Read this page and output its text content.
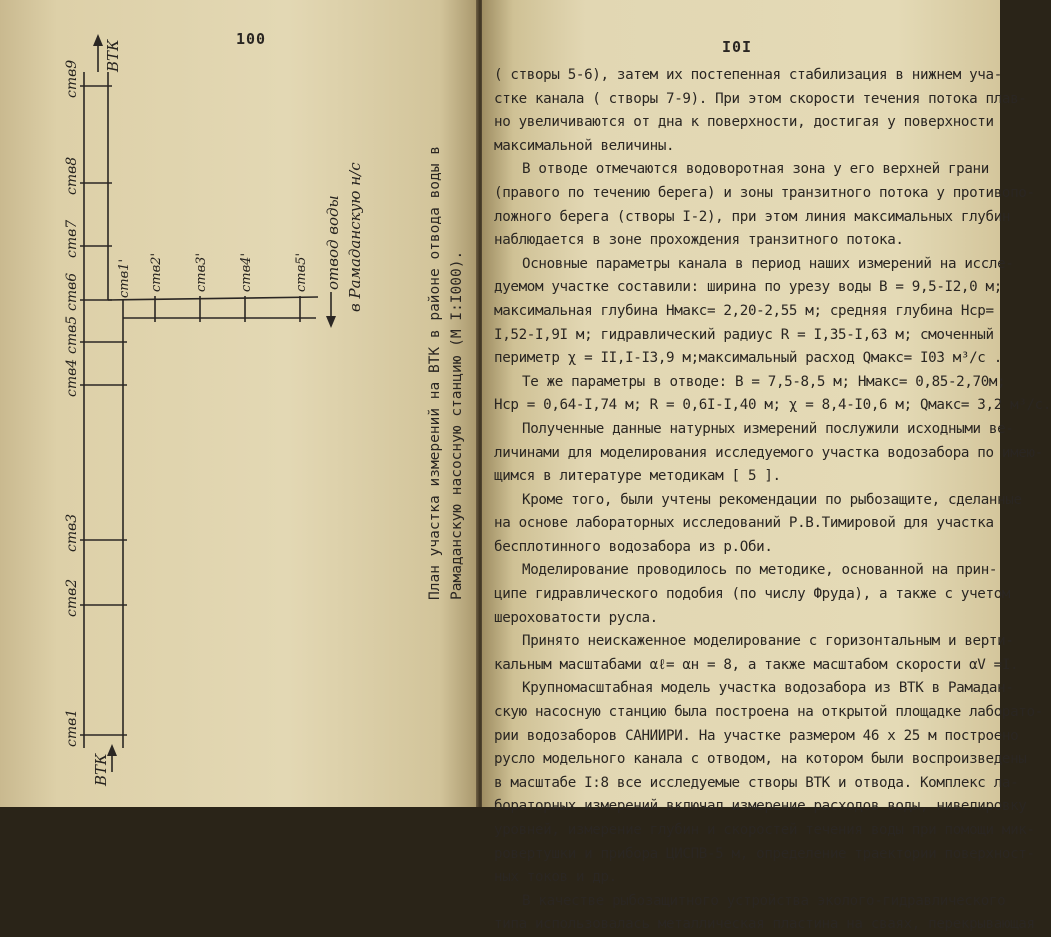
100
ВТК
ВТК
ств9
ств8
ств7
ств6
ств5
ств4
ств3
ств2
ств1
ств1' ств2' ств3' ств4'	ств5' отвод воды в Рамаданскую н/с	План участка измерений на ВТК в районе отвода воды в Рамаданскую насосную станцию (М I:I000).
I0I
( створы 5-6), затем их постепенная стабилизация в нижнем уча-
стке канала ( створы 7-9). При этом скорости течения потока плав-
но увеличиваются от дна к поверхности, достигая у поверхности
максимальной величины.
В отводе отмечаются водоворотная зона у его верхней грани
(правого по течению берега) и зоны транзитного потока у противопо-
ложного берега (створы I-2), при этом линия максимальных глубин
наблюдается в зоне прохождения транзитного потока.
Основные параметры канала в период наших измерений на иссле-
дуемом участке составили: ширина по урезу воды В = 9,5-I2,0 м;
максимальная глубина Нмакс= 2,20-2,55 м; средняя глубина Нср=
I,52-I,9I м; гидравлический радиус R = I,35-I,63 м; смоченный
периметр χ = II,I-I3,9 м;максимальный расход Qмакс= I03 м³/с .
Те же параметры в отводе: В = 7,5-8,5 м; Нмакс= 0,85-2,70м;
Нср = 0,64-I,74 м; R = 0,6I-I,40 м; χ = 8,4-I0,6 м; Qмакс= 3,2 м³/с.
Полученные данные натурных измерений послужили исходными ве-
личинами для моделирования исследуемого участка водозабора по имею-
щимся в литературе методикам [ 5 ].
Кроме того, были учтены рекомендации по рыбозащите, сделанные
на основе лабораторных исследований Р.В.Тимировой для участка
бесплотинного водозабора из р.Оби.
Моделирование проводилось по методике, основанной на прин-
ципе гидравлического подобия (по числу Фруда), а также с учетом
шероховатости русла.
Принято неискаженное моделирование с горизонтальным и верти-
кальным масштабами αℓ= αн = 8, а также масштабом скорости αV =I.
Крупномасштабная модель участка водозабора из ВТК в Рамадан-
скую насосную станцию была построена на открытой площадке лаборато-
рии водозаборов САНИИРИ. На участке размером 46 х 25 м построено
русло модельного канала с отводом, на котором были воспроизведены
в масштабе I:8 все исследуемые створы ВТК и отвода. Комплекс ла-
бораторных измерений включал измерение расходов воды, нивелировку
уровней, измерение глубин и скоростей течения воды при помощи мик-
ровертушки и прибора ЦИСПВ-5 м, определение траектории поверхност-
ных токов и др.
В качестве рыбозащитного устройства эколого-гидравлического
типа использовалась металлическая пластина на сваях, перекрывающая
